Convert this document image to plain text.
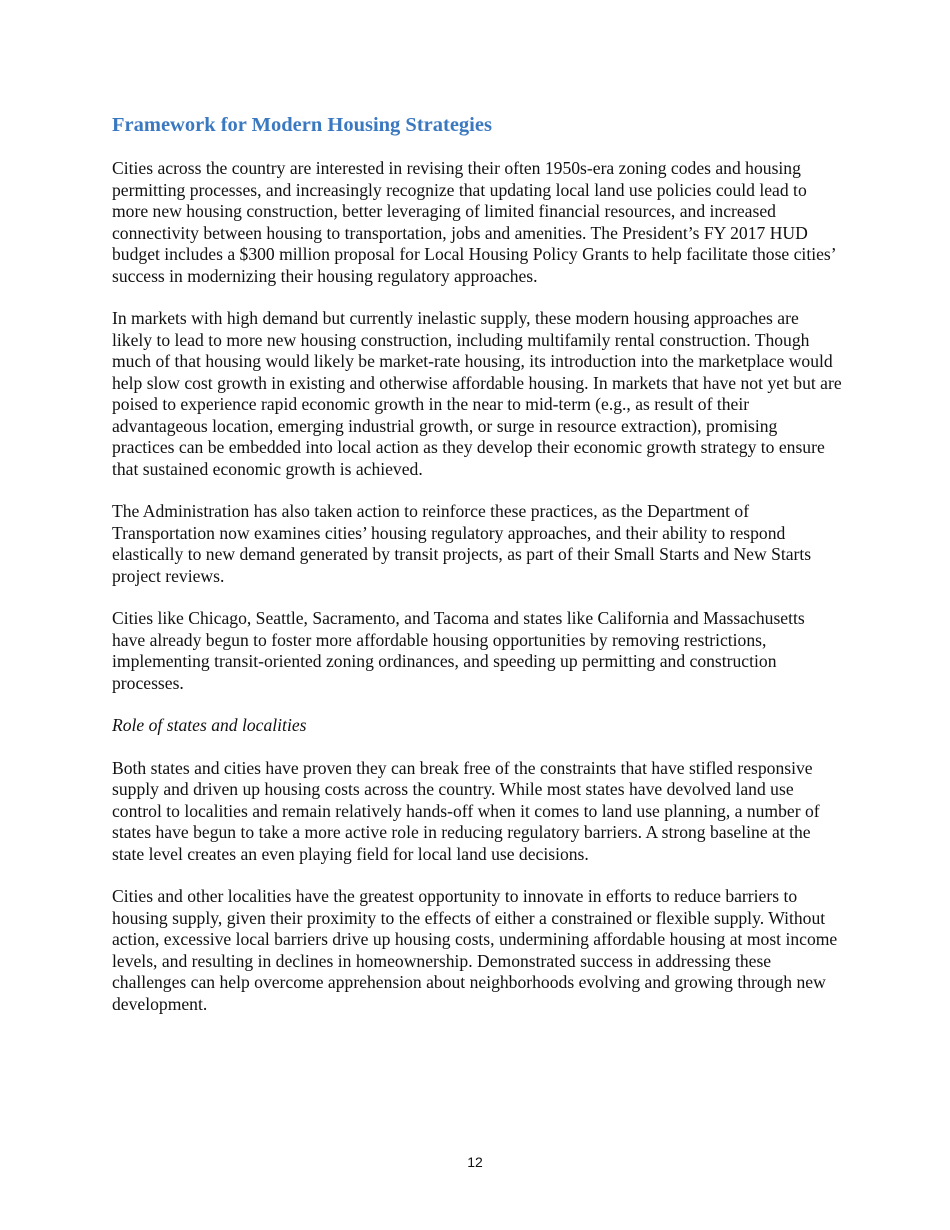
Framework for Modern Housing Strategies

Cities across the country are interested in revising their often 1950s-era zoning codes and housing permitting processes, and increasingly recognize that updating local land use policies could lead to more new housing construction, better leveraging of limited financial resources, and increased connectivity between housing to transportation, jobs and amenities. The President’s FY 2017 HUD budget includes a $300 million proposal for Local Housing Policy Grants to help facilitate those cities’ success in modernizing their housing regulatory approaches.

In markets with high demand but currently inelastic supply, these modern housing approaches are likely to lead to more new housing construction, including multifamily rental construction. Though much of that housing would likely be market-rate housing, its introduction into the marketplace would help slow cost growth in existing and otherwise affordable housing. In markets that have not yet but are poised to experience rapid economic growth in the near to mid-term (e.g., as result of their advantageous location, emerging industrial growth, or surge in resource extraction), promising practices can be embedded into local action as they develop their economic growth strategy to ensure that sustained economic growth is achieved.

The Administration has also taken action to reinforce these practices, as the Department of Transportation now examines cities’ housing regulatory approaches, and their ability to respond elastically to new demand generated by transit projects, as part of their Small Starts and New Starts project reviews.

Cities like Chicago, Seattle, Sacramento, and Tacoma and states like California and Massachusetts have already begun to foster more affordable housing opportunities by removing restrictions, implementing transit-oriented zoning ordinances, and speeding up permitting and construction processes.

Role of states and localities

Both states and cities have proven they can break free of the constraints that have stifled responsive supply and driven up housing costs across the country. While most states have devolved land use control to localities and remain relatively hands-off when it comes to land use planning, a number of states have begun to take a more active role in reducing regulatory barriers. A strong baseline at the state level creates an even playing field for local land use decisions.

Cities and other localities have the greatest opportunity to innovate in efforts to reduce barriers to housing supply, given their proximity to the effects of either a constrained or flexible supply. Without action, excessive local barriers drive up housing costs, undermining affordable housing at most income levels, and resulting in declines in homeownership. Demonstrated success in addressing these challenges can help overcome apprehension about neighborhoods evolving and growing through new development.

12
